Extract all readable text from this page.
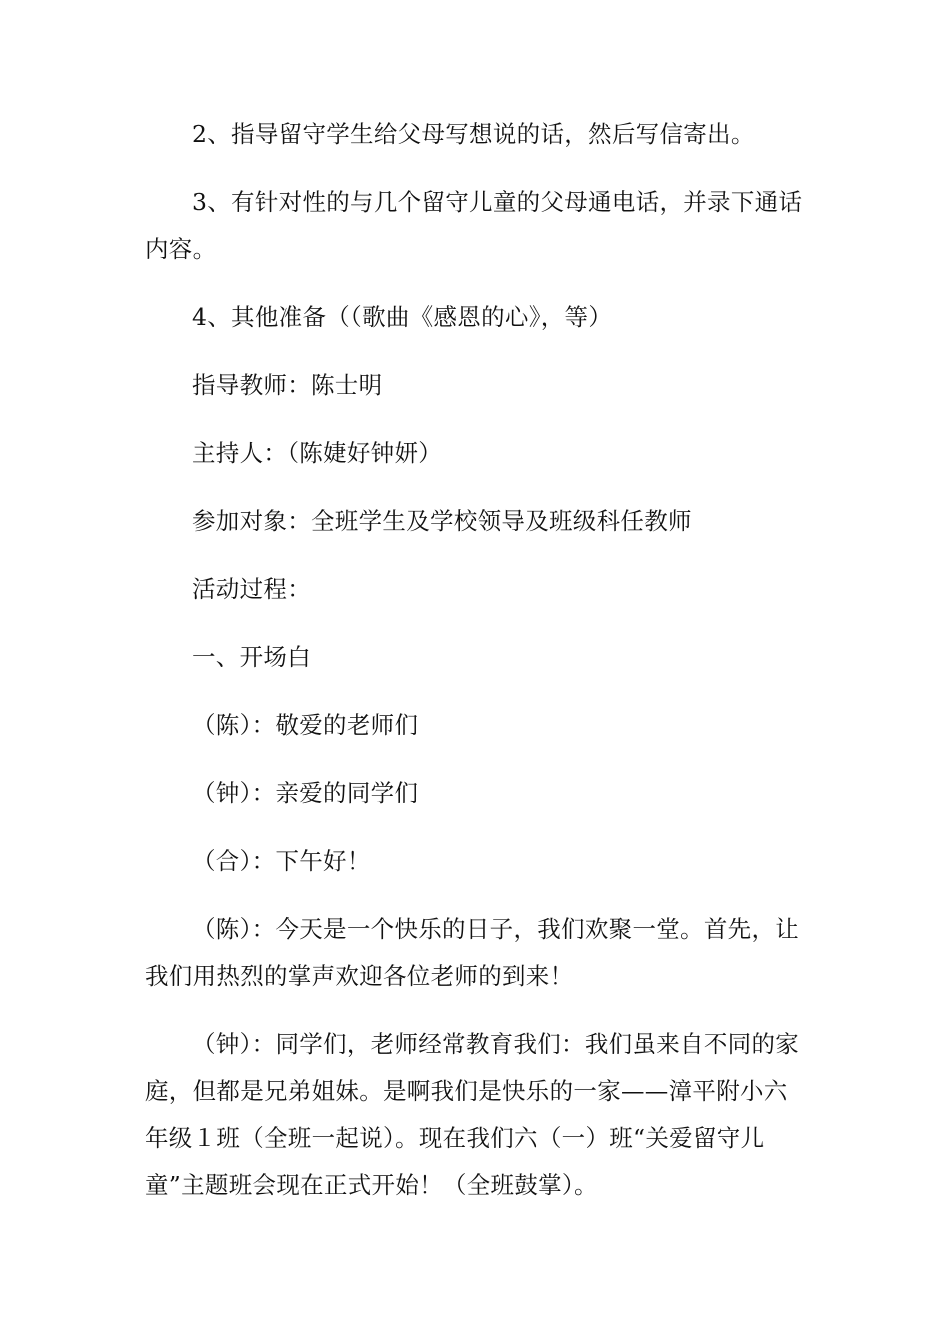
2、指导留守学生给父母写想说的话，然后写信寄出。

3、有针对性的与几个留守儿童的父母通电话，并录下通话内容。

4、其他准备（（歌曲《感恩的心》，等）

指导教师：陈士明

主持人：（陈婕好钟妍）

参加对象：全班学生及学校领导及班级科任教师

活动过程：

一、开场白

（陈）：敬爱的老师们

（钟）：亲爱的同学们

（合）：下午好！

（陈）：今天是一个快乐的日子，我们欢聚一堂。首先，让我们用热烈的掌声欢迎各位老师的到来！

（钟）：同学们，老师经常教育我们：我们虽来自不同的家庭，但都是兄弟姐妹。是啊我们是快乐的一家——漳平附小六年级１班（全班一起说）。现在我们六（一）班“关爱留守儿童”主题班会现在正式开始！（全班鼓掌）。
